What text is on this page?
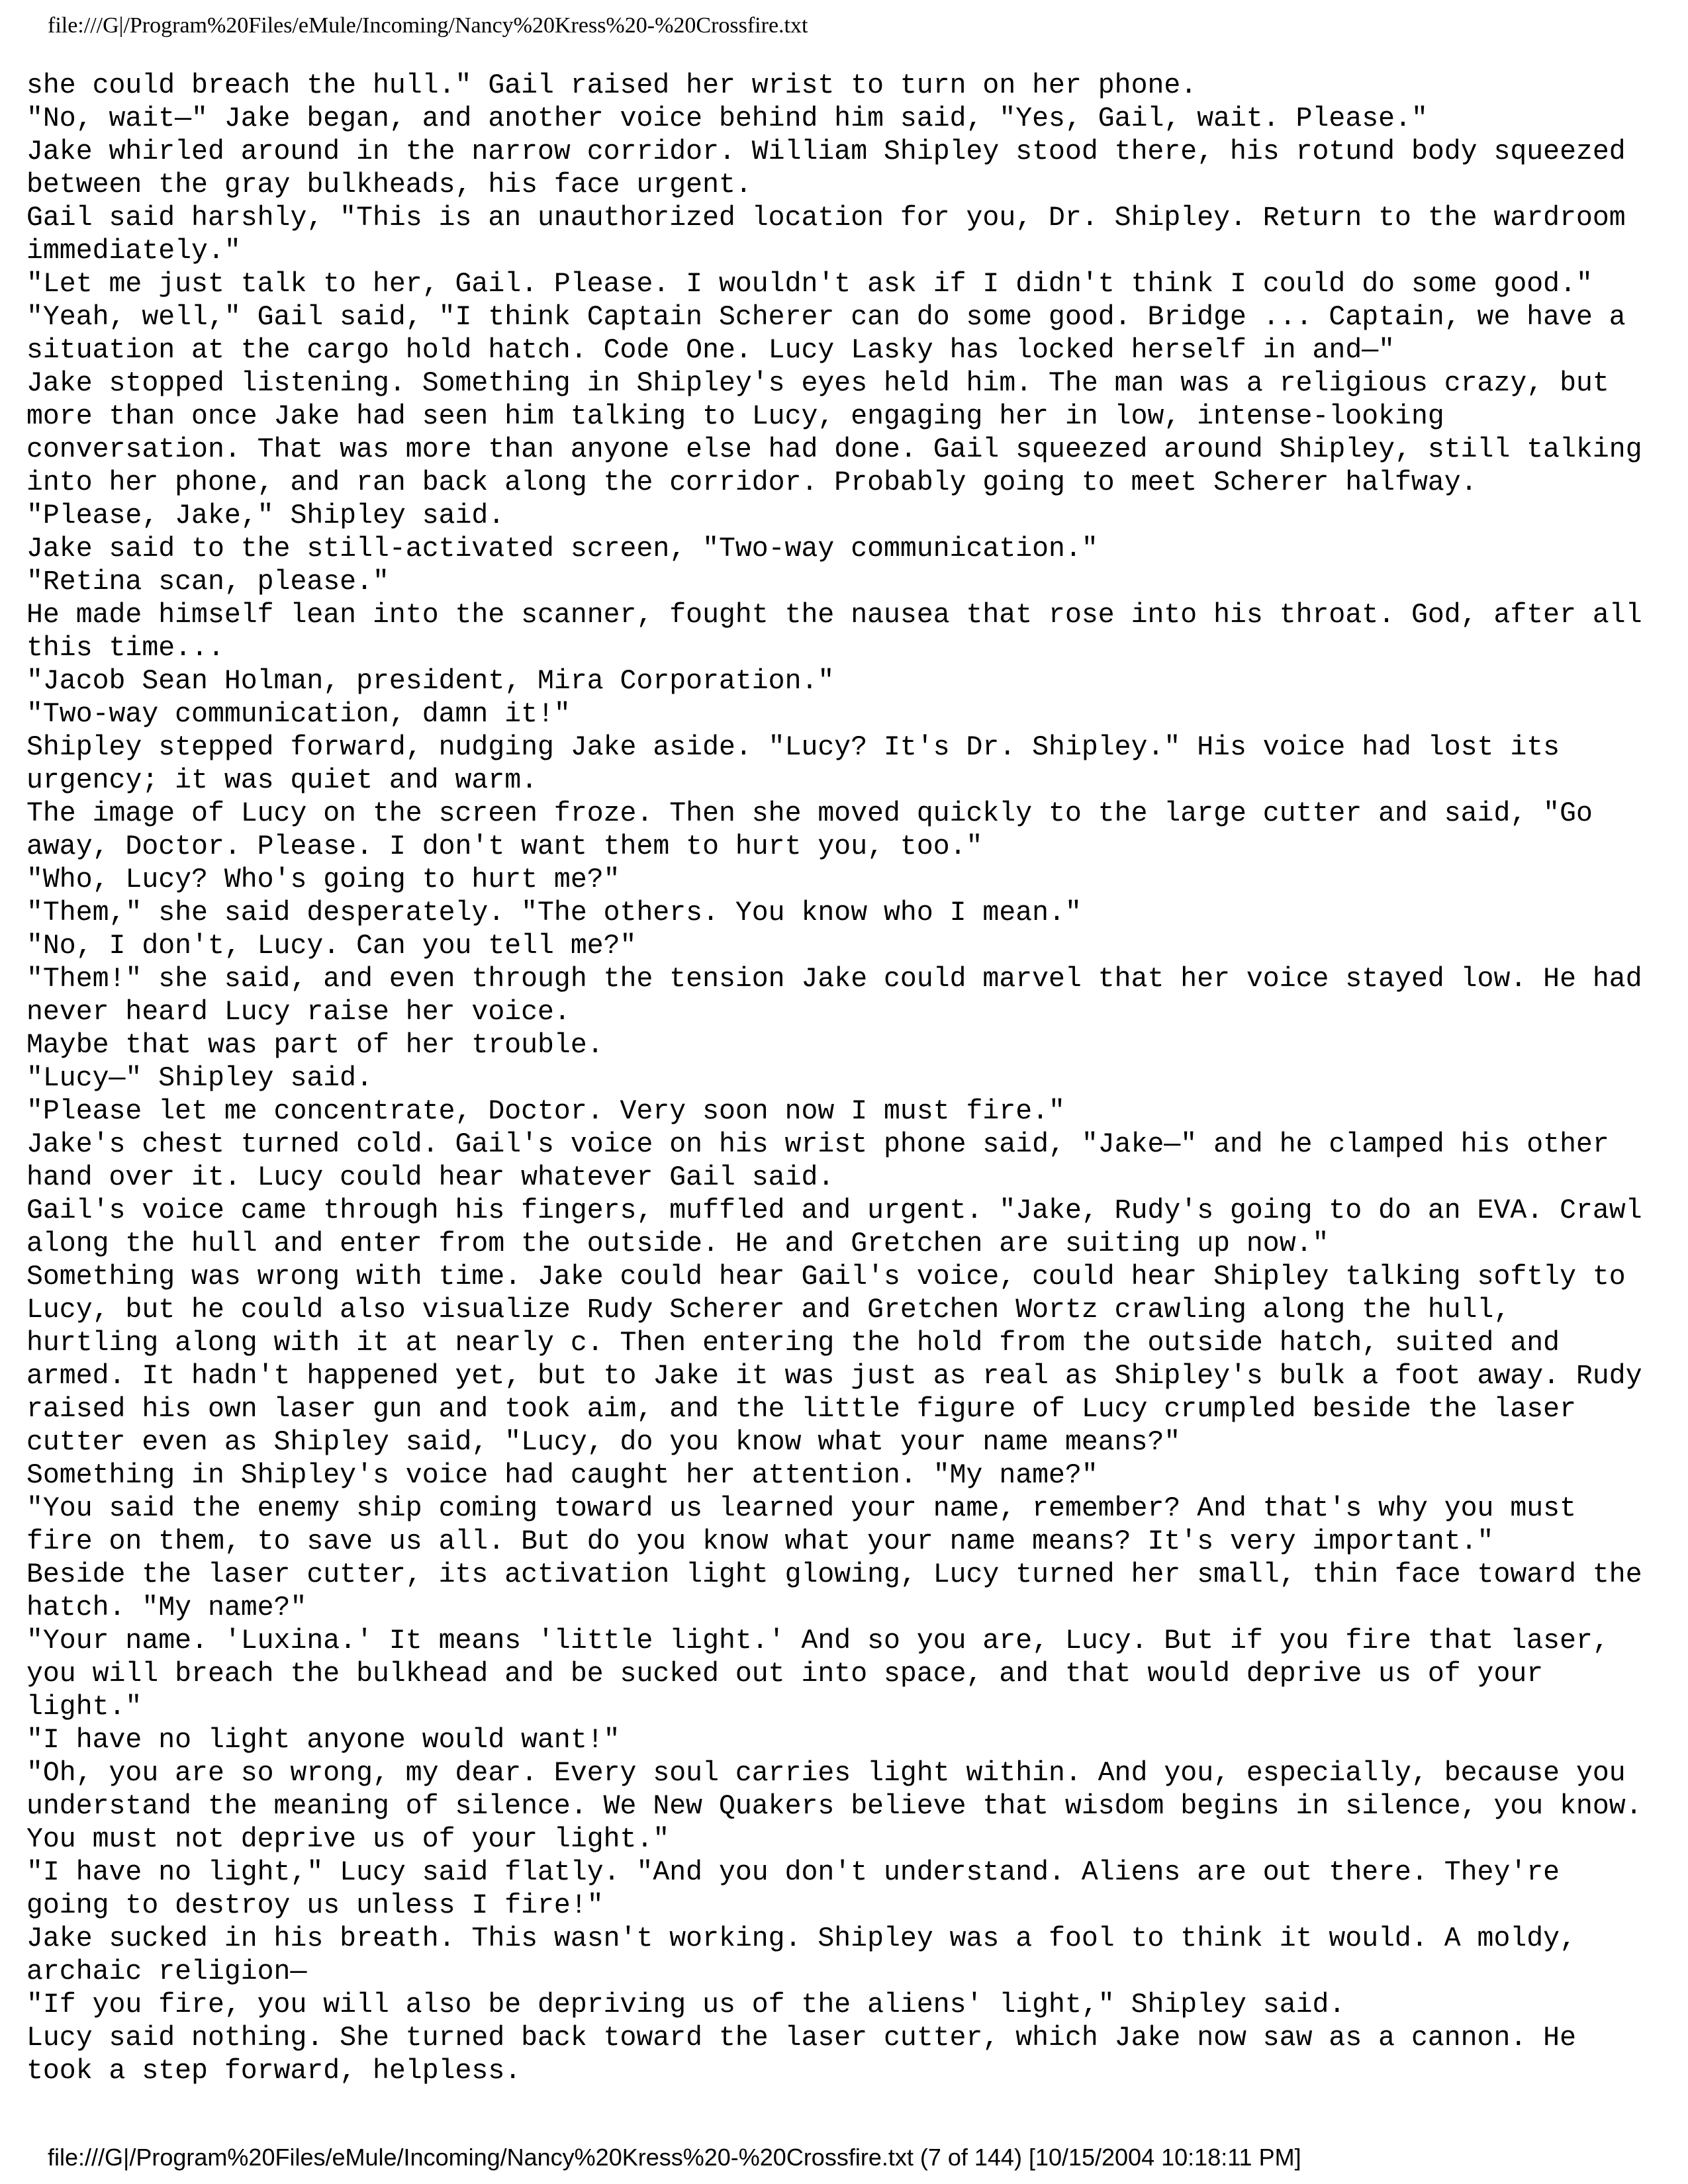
file:///G|/Program%20Files/eMule/Incoming/Nancy%20Kress%20-%20Crossfire.txt
she could breach the hull." Gail raised her wrist to turn on her phone.
"No, wait—" Jake began, and another voice behind him said, "Yes, Gail, wait. Please."
Jake whirled around in the narrow corridor. William Shipley stood there, his rotund body squeezed
between the gray bulkheads, his face urgent.
Gail said harshly, "This is an unauthorized location for you, Dr. Shipley. Return to the wardroom
immediately."
"Let me just talk to her, Gail. Please. I wouldn't ask if I didn't think I could do some good."
"Yeah, well," Gail said, "I think Captain Scherer can do some good. Bridge ... Captain, we have a
situation at the cargo hold hatch. Code One. Lucy Lasky has locked herself in and—"
Jake stopped listening. Something in Shipley's eyes held him. The man was a religious crazy, but
more than once Jake had seen him talking to Lucy, engaging her in low, intense-looking
conversation. That was more than anyone else had done. Gail squeezed around Shipley, still talking
into her phone, and ran back along the corridor. Probably going to meet Scherer halfway.
"Please, Jake," Shipley said.
Jake said to the still-activated screen, "Two-way communication."
"Retina scan, please."
He made himself lean into the scanner, fought the nausea that rose into his throat. God, after all
this time...
"Jacob Sean Holman, president, Mira Corporation."
"Two-way communication, damn it!"
Shipley stepped forward, nudging Jake aside. "Lucy? It's Dr. Shipley." His voice had lost its
urgency; it was quiet and warm.
The image of Lucy on the screen froze. Then she moved quickly to the large cutter and said, "Go
away, Doctor. Please. I don't want them to hurt you, too."
"Who, Lucy? Who's going to hurt me?"
"Them," she said desperately. "The others. You know who I mean."
"No, I don't, Lucy. Can you tell me?"
"Them!" she said, and even through the tension Jake could marvel that her voice stayed low. He had
never heard Lucy raise her voice.
Maybe that was part of her trouble.
"Lucy—" Shipley said.
"Please let me concentrate, Doctor. Very soon now I must fire."
Jake's chest turned cold. Gail's voice on his wrist phone said, "Jake—" and he clamped his other
hand over it. Lucy could hear whatever Gail said.
Gail's voice came through his fingers, muffled and urgent. "Jake, Rudy's going to do an EVA. Crawl
along the hull and enter from the outside. He and Gretchen are suiting up now."
Something was wrong with time. Jake could hear Gail's voice, could hear Shipley talking softly to
Lucy, but he could also visualize Rudy Scherer and Gretchen Wortz crawling along the hull,
hurtling along with it at nearly c. Then entering the hold from the outside hatch, suited and
armed. It hadn't happened yet, but to Jake it was just as real as Shipley's bulk a foot away. Rudy
raised his own laser gun and took aim, and the little figure of Lucy crumpled beside the laser
cutter even as Shipley said, "Lucy, do you know what your name means?"
Something in Shipley's voice had caught her attention. "My name?"
"You said the enemy ship coming toward us learned your name, remember? And that's why you must
fire on them, to save us all. But do you know what your name means? It's very important."
Beside the laser cutter, its activation light glowing, Lucy turned her small, thin face toward the
hatch. "My name?"
"Your name. 'Luxina.' It means 'little light.' And so you are, Lucy. But if you fire that laser,
you will breach the bulkhead and be sucked out into space, and that would deprive us of your
light."
"I have no light anyone would want!"
"Oh, you are so wrong, my dear. Every soul carries light within. And you, especially, because you
understand the meaning of silence. We New Quakers believe that wisdom begins in silence, you know.
You must not deprive us of your light."
"I have no light," Lucy said flatly. "And you don't understand. Aliens are out there. They're
going to destroy us unless I fire!"
Jake sucked in his breath. This wasn't working. Shipley was a fool to think it would. A moldy,
archaic religion—
"If you fire, you will also be depriving us of the aliens' light," Shipley said.
Lucy said nothing. She turned back toward the laser cutter, which Jake now saw as a cannon. He
took a step forward, helpless.
file:///G|/Program%20Files/eMule/Incoming/Nancy%20Kress%20-%20Crossfire.txt (7 of 144) [10/15/2004 10:18:11 PM]
